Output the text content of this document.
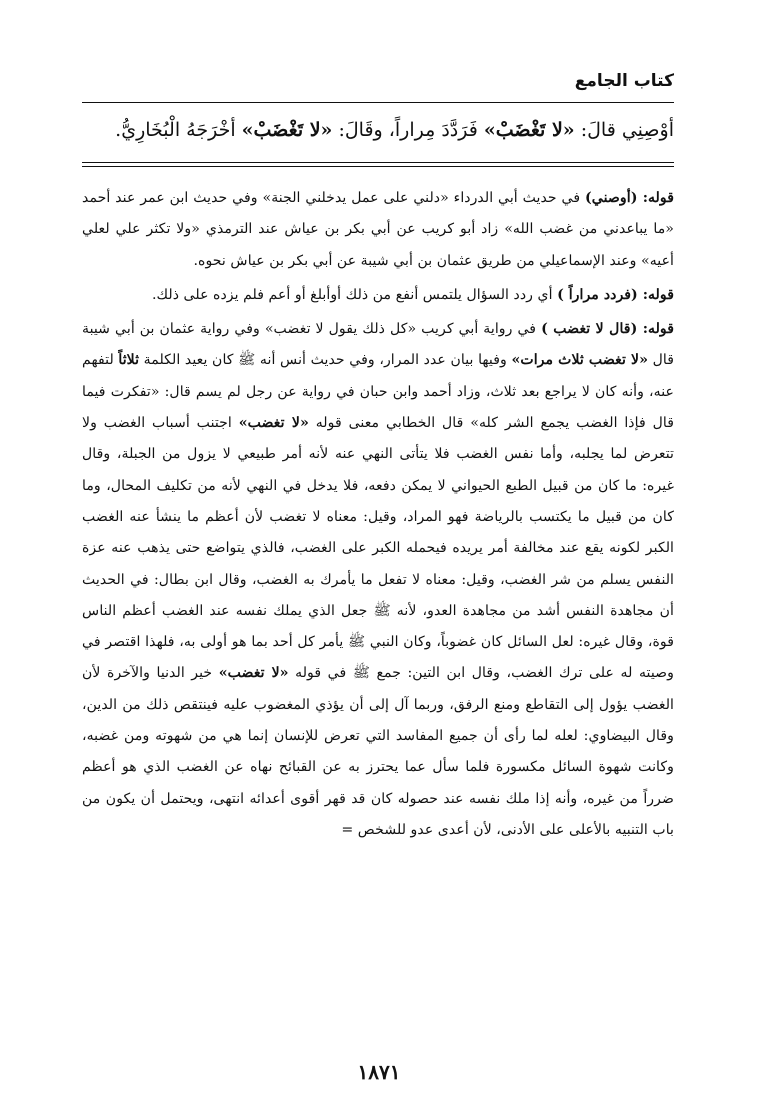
كتاب الجامع
أوْصِنِي قالَ: «لا تَغْضَبْ» فَرَدَّدَ مِراراً، وقَالَ: «لا تَغْضَبْ» أخْرَجَهُ الْبُخَارِيُّ.

قوله: (أوصني) في حديث أبي الدرداء «دلني على عمل يدخلني الجنة» وفي حديث ابن عمر عند أحمد «ما يباعدني من غضب الله» زاد أبو كريب عن أبي بكر بن عياش عند الترمذي «ولا تكثر علي لعلي أعيه» وعند الإسماعيلي من طريق عثمان بن أبي شيبة عن أبي بكر بن عياش نحوه.

قوله: (فردد مراراً ) أي ردد السؤال يلتمس أنفع من ذلك أوأبلغ أو أعم فلم يزده على ذلك.

قوله: (قال لا تغضب ) في رواية أبي كريب «كل ذلك يقول لا تغضب» وفي رواية عثمان بن أبي شيبة قال «لا تغضب ثلاث مرات» وفيها بيان عدد المرار، وفي حديث أنس أنه ﷺ كان يعيد الكلمة ثلاثاً لتفهم عنه، وأنه كان لا يراجع بعد ثلاث، وزاد أحمد وابن حبان في رواية عن رجل لم يسم قال: «تفكرت فيما قال فإذا الغضب يجمع الشر كله» قال الخطابي معنى قوله «لا تغضب» اجتنب أسباب الغضب ولا تتعرض لما يجلبه، وأما نفس الغضب فلا يتأتى النهي عنه لأنه أمر طبيعي لا يزول من الجبلة، وقال غيره: ما كان من قبيل الطبع الحيواني لا يمكن دفعه، فلا يدخل في النهي لأنه من تكليف المحال، وما كان من قبيل ما يكتسب بالرياضة فهو المراد، وقيل: معناه لا تغضب لأن أعظم ما ينشأ عنه الغضب الكبر لكونه يقع عند مخالفة أمر يريده فيحمله الكبر على الغضب، فالذي يتواضع حتى يذهب عنه عزة النفس يسلم من شر الغضب، وقيل: معناه لا تفعل ما يأمرك به الغضب، وقال ابن بطال: في الحديث أن مجاهدة النفس أشد من مجاهدة العدو، لأنه ﷺ جعل الذي يملك نفسه عند الغضب أعظم الناس قوة، وقال غيره: لعل السائل كان غضوباً، وكان النبي ﷺ يأمر كل أحد بما هو أولى به، فلهذا اقتصر في وصيته له على ترك الغضب، وقال ابن التين: جمع ﷺ في قوله «لا تغضب» خير الدنيا والآخرة لأن الغضب يؤول إلى التقاطع ومنع الرفق، وربما آل إلى أن يؤذي المغضوب عليه فينتقص ذلك من الدين، وقال البيضاوي: لعله لما رأى أن جميع المفاسد التي تعرض للإنسان إنما هي من شهوته ومن غضبه، وكانت شهوة السائل مكسورة فلما سأل عما يحترز به عن القبائح نهاه عن الغضب الذي هو أعظم ضرراً من غيره، وأنه إذا ملك نفسه عند حصوله كان قد قهر أقوى أعدائه انتهى، ويحتمل أن يكون من باب التنبيه بالأعلى على الأدنى، لأن أعدى عدو للشخص =

١٨٧١
